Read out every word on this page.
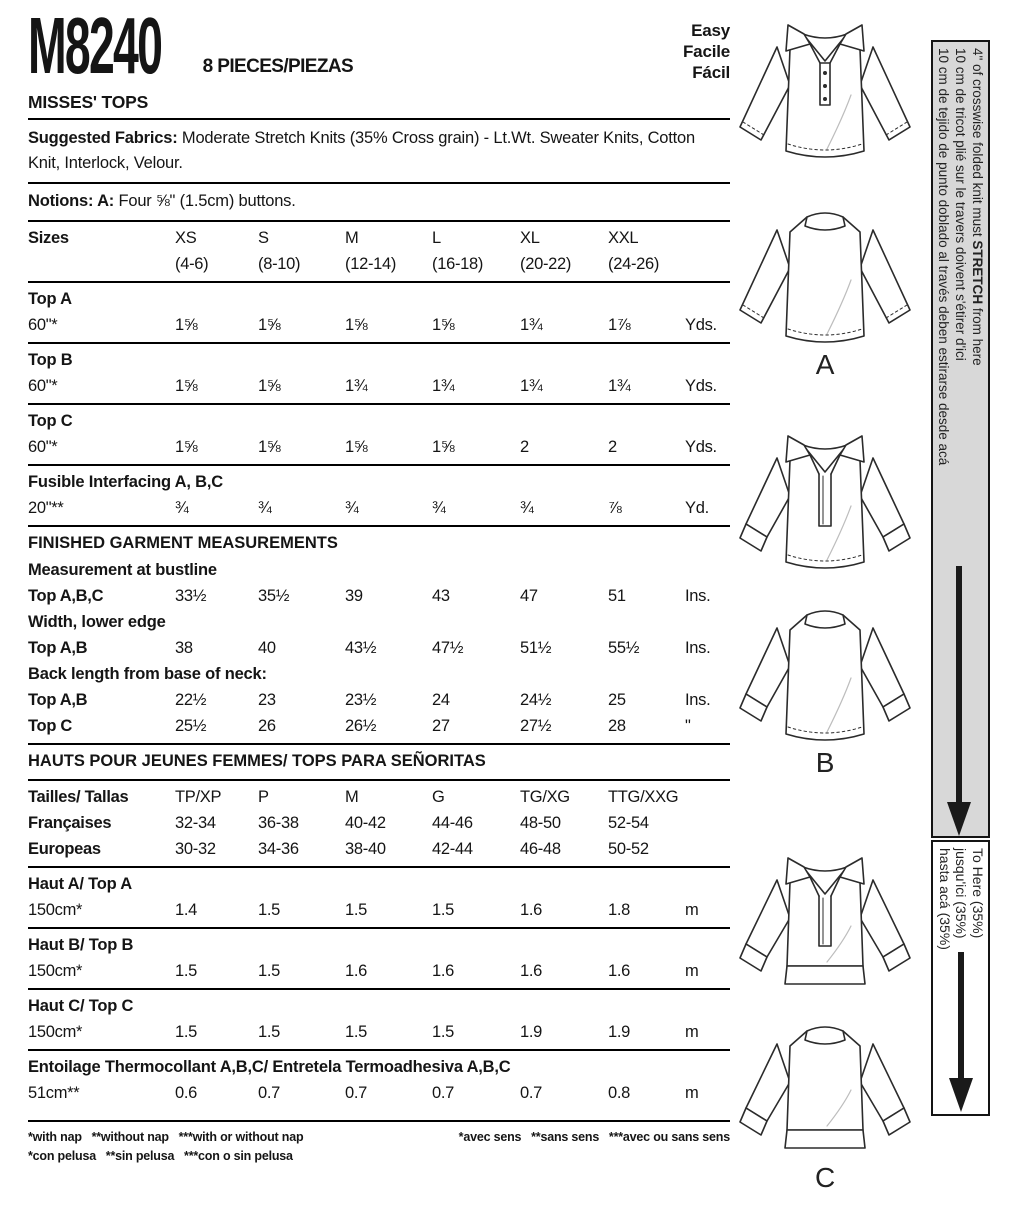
M8240 8 PIECES/PIEZAS
Easy
Facile
Fácil
MISSES' TOPS
Suggested Fabrics: Moderate Stretch Knits (35% Cross grain) - Lt.Wt. Sweater Knits, Cotton Knit, Interlock, Velour.
Notions: A: Four ⅝" (1.5cm) buttons.
Sizes	XS	S	M	L	XL	XXL
(4-6)	(8-10)	(12-14)	(16-18)	(20-22)	(24-26)
Top A
60"*	1⅝	1⅝	1⅝	1⅝	1¾	1⅞	Yds.
Top B
60"*	1⅝	1⅝	1¾	1¾	1¾	1¾	Yds.
Top C
60"*	1⅝	1⅝	1⅝	1⅝	2	2	Yds.
Fusible Interfacing A, B,C
20"**	¾	¾	¾	¾	¾	⅞	Yd.
FINISHED GARMENT MEASUREMENTS
Measurement at bustline
Top A,B,C	33½	35½	39	43	47	51	Ins.
Width, lower edge
Top A,B	38	40	43½	47½	51½	55½	Ins.
Back length from base of neck:
Top A,B	22½	23	23½	24	24½	25	Ins.
Top C	25½	26	26½	27	27½	28	"
HAUTS POUR JEUNES FEMMES/ TOPS PARA SEÑORITAS
Tailles/ Tallas	TP/XP	P	M	G	TG/XG	TTG/XXG
Françaises	32-34	36-38	40-42	44-46	48-50	52-54
Europeas	30-32	34-36	38-40	42-44	46-48	50-52
Haut A/ Top A
150cm*	1.4	1.5	1.5	1.5	1.6	1.8	m
Haut B/ Top B
150cm*	1.5	1.5	1.6	1.6	1.6	1.6	m
Haut C/ Top C
150cm*	1.5	1.5	1.5	1.5	1.9	1.9	m
Entoilage Thermocollant A,B,C/ Entretela Termoadhesiva A,B,C
51cm**	0.6	0.7	0.7	0.7	0.7	0.8	m
*with nap   **without nap   ***with or without nap
*con pelusa   **sin pelusa   ***con o sin pelusa
*avec sens   **sans sens   ***avec ou sans sens
A
B
C
4" of crosswise folded knit must STRETCH from here
10 cm de tricot plié sur le travers doivent s'étirer d'ici
10 cm de tejido de punto doblado al través deben estirarse desde acá
To Here (35%)
jusqu'ici (35%)
hasta acá (35%)
